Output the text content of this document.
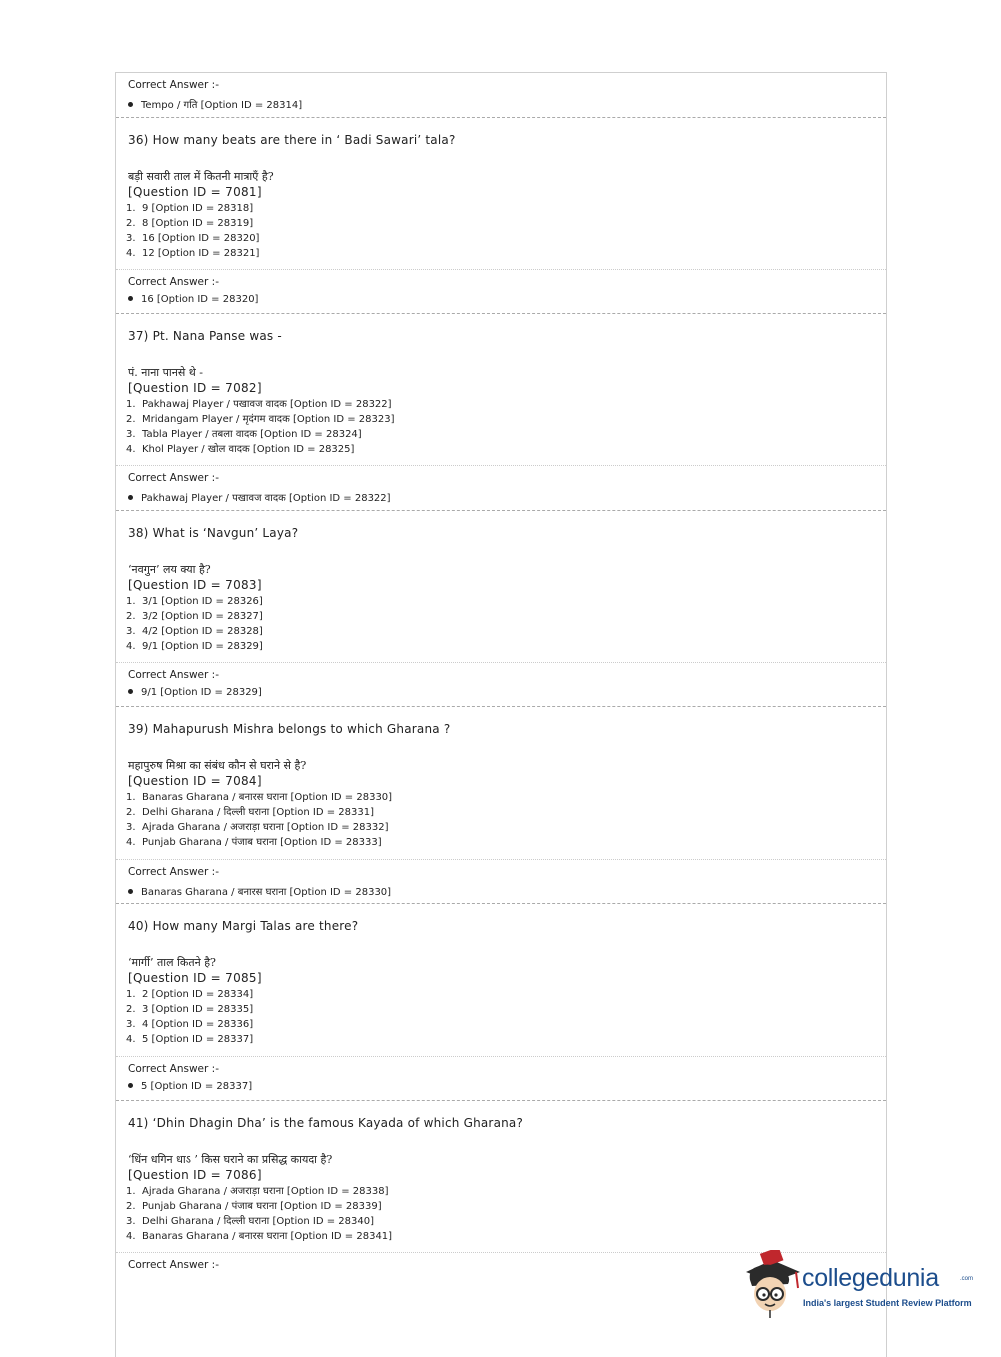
Correct Answer :-
Tempo / गति [Option ID = 28314]
36) How many beats are there in ‘ Badi Sawari’ tala?
बड़ी सवारी ताल में कितनी मात्राएँ है?
[Question ID = 7081]
1. 9 [Option ID = 28318]
2. 8 [Option ID = 28319]
3. 16 [Option ID = 28320]
4. 12 [Option ID = 28321]
Correct Answer :-
16 [Option ID = 28320]
37) Pt. Nana Panse was -
पं. नाना पानसे थे -
[Question ID = 7082]
1. Pakhawaj Player / पखावज वादक [Option ID = 28322]
2. Mridangam Player / मृदंगम वादक [Option ID = 28323]
3. Tabla Player / तबला वादक [Option ID = 28324]
4. Khol Player / खोल वादक [Option ID = 28325]
Correct Answer :-
Pakhawaj Player / पखावज वादक [Option ID = 28322]
38) What is ‘Navgun’ Laya?
‘नवगुन’ लय क्या है?
[Question ID = 7083]
1. 3/1 [Option ID = 28326]
2. 3/2 [Option ID = 28327]
3. 4/2 [Option ID = 28328]
4. 9/1 [Option ID = 28329]
Correct Answer :-
9/1 [Option ID = 28329]
39) Mahapurush Mishra belongs to which Gharana ?
महापुरुष मिश्रा का संबंध कौन से घराने से है?
[Question ID = 7084]
1. Banaras Gharana / बनारस घराना [Option ID = 28330]
2. Delhi Gharana / दिल्ली घराना [Option ID = 28331]
3. Ajrada Gharana / अजराड़ा घराना [Option ID = 28332]
4. Punjab Gharana / पंजाब घराना [Option ID = 28333]
Correct Answer :-
Banaras Gharana / बनारस घराना [Option ID = 28330]
40) How many Margi Talas are there?
‘मार्गी’ ताल कितने है?
[Question ID = 7085]
1. 2 [Option ID = 28334]
2. 3 [Option ID = 28335]
3. 4 [Option ID = 28336]
4. 5 [Option ID = 28337]
Correct Answer :-
5 [Option ID = 28337]
41) ‘Dhin Dhagin Dha’ is the famous Kayada of which Gharana?
‘धिंन धगिन धाऽ ’ किस घराने का प्रसिद्ध कायदा है?
[Question ID = 7086]
1. Ajrada Gharana / अजराड़ा घराना [Option ID = 28338]
2. Punjab Gharana / पंजाब घराना [Option ID = 28339]
3. Delhi Gharana / दिल्ली घराना [Option ID = 28340]
4. Banaras Gharana / बनारस घराना [Option ID = 28341]
Correct Answer :-	collegedunia	.com
India's largest Student Review Platform
